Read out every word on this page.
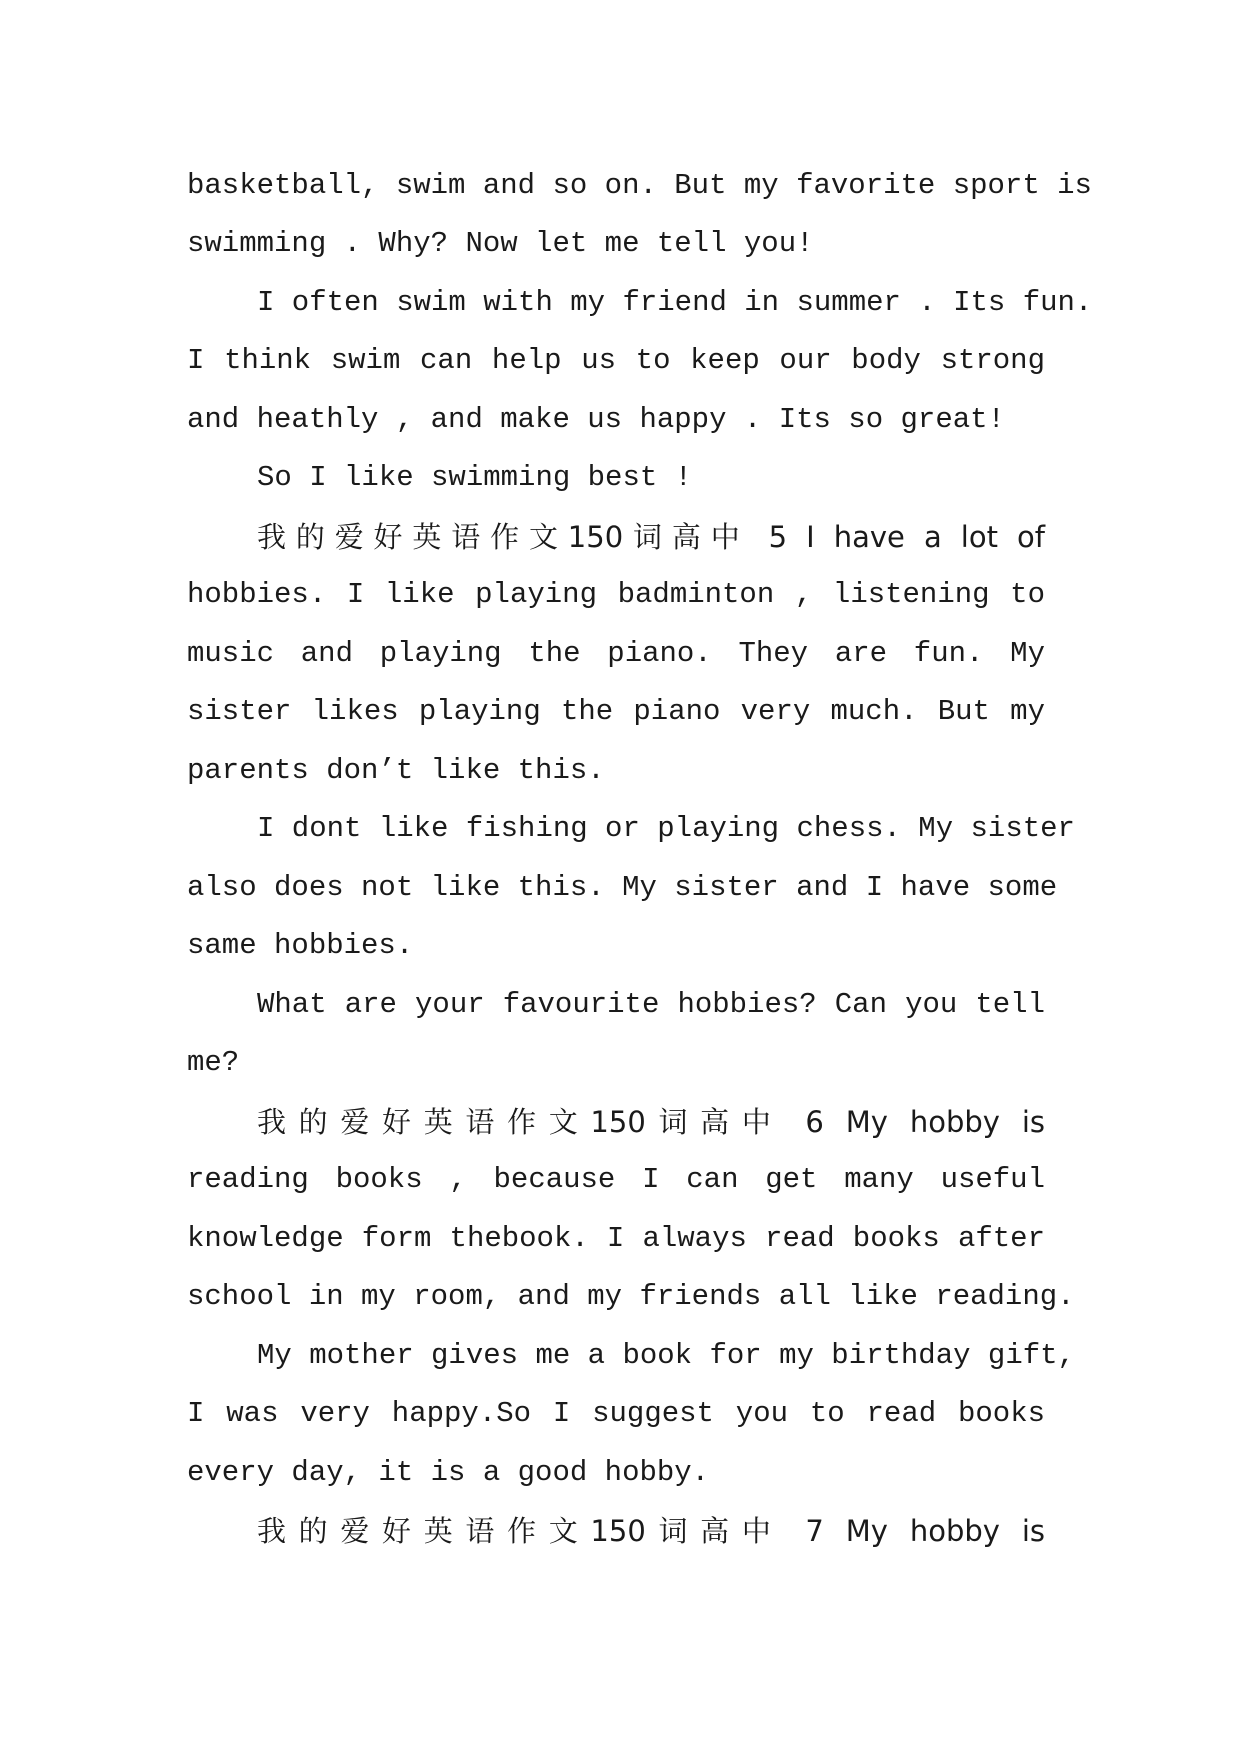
basketball, swim and so on. But my favorite sport is
swimming . Why? Now let me tell you!
I often swim with my friend in summer . Its fun.
I think swim can help us to keep our body strong
and heathly , and make us happy . Its so great!
So I like swimming best !
我的爱好英语作文150词高中 5 I have a lot of
hobbies. I like playing badminton , listening to
music and playing the piano. They are fun. My
sister likes playing the piano very much. But my
parents don’t like this.
I dont like fishing or playing chess. My sister
also does not like this. My sister and I have some
same hobbies.
What are your favourite hobbies? Can you tell
me?
我的爱好英语作文150词高中 6 My hobby is
reading books , because I can get many useful
knowledge form thebook. I always read books after
school in my room, and my friends all like reading.
My mother gives me a book for my birthday gift,
I was very happy.So I suggest you to read books
every day, it is a good hobby.
我的爱好英语作文150词高中 7 My hobby is
